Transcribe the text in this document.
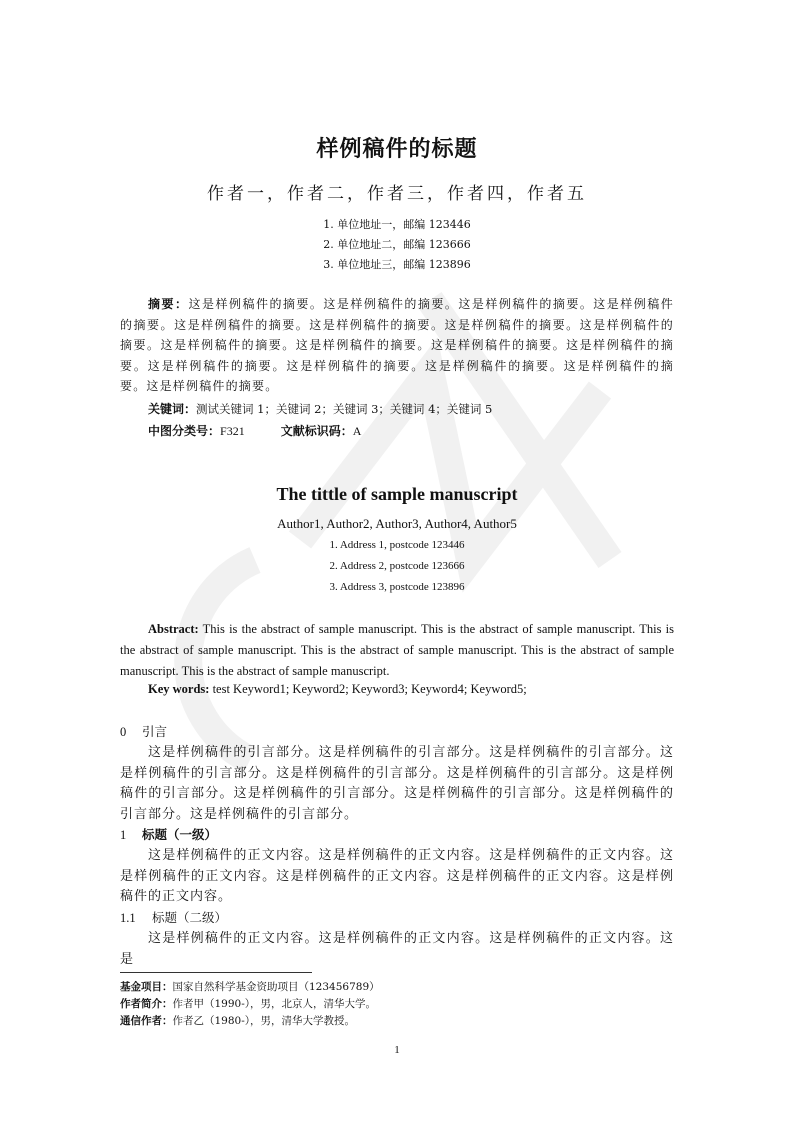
样例稿件的标题
作者一，作者二，作者三，作者四，作者五
1. 单位地址一，邮编 123446
2. 单位地址二，邮编 123666
3. 单位地址三，邮编 123896
摘要：这是样例稿件的摘要。这是样例稿件的摘要。这是样例稿件的摘要。这是样例稿件的摘要。这是样例稿件的摘要。这是样例稿件的摘要。这是样例稿件的摘要。这是样例稿件的摘要。这是样例稿件的摘要。这是样例稿件的摘要。这是样例稿件的摘要。这是样例稿件的摘要。这是样例稿件的摘要。这是样例稿件的摘要。这是样例稿件的摘要。这是样例稿件的摘要。这是样例稿件的摘要。
关键词：测试关键词 1；关键词 2；关键词 3；关键词 4；关键词 5
中图分类号：F321	文献标识码：A
The tittle of sample manuscript
Author1, Author2, Author3, Author4, Author5
1. Address 1, postcode 123446
2. Address 2, postcode 123666
3. Address 3, postcode 123896
Abstract: This is the abstract of sample manuscript. This is the abstract of sample manuscript. This is the abstract of sample manuscript. This is the abstract of sample manuscript. This is the abstract of sample manuscript. This is the abstract of sample manuscript.
Key words: test Keyword1; Keyword2; Keyword3; Keyword4; Keyword5;
0 引言
这是样例稿件的引言部分。这是样例稿件的引言部分。这是样例稿件的引言部分。这是样例稿件的引言部分。这是样例稿件的引言部分。这是样例稿件的引言部分。这是样例稿件的引言部分。这是样例稿件的引言部分。这是样例稿件的引言部分。这是样例稿件的引言部分。这是样例稿件的引言部分。
1 标题（一级）
这是样例稿件的正文内容。这是样例稿件的正文内容。这是样例稿件的正文内容。这是样例稿件的正文内容。这是样例稿件的正文内容。这是样例稿件的正文内容。这是样例稿件的正文内容。
1.1 标题（二级）
这是样例稿件的正文内容。这是样例稿件的正文内容。这是样例稿件的正文内容。这是
基金项目：国家自然科学基金资助项目（123456789）
作者简介：作者甲（1990-），男，北京人，清华大学。
通信作者：作者乙（1980-），男，清华大学教授。
1
